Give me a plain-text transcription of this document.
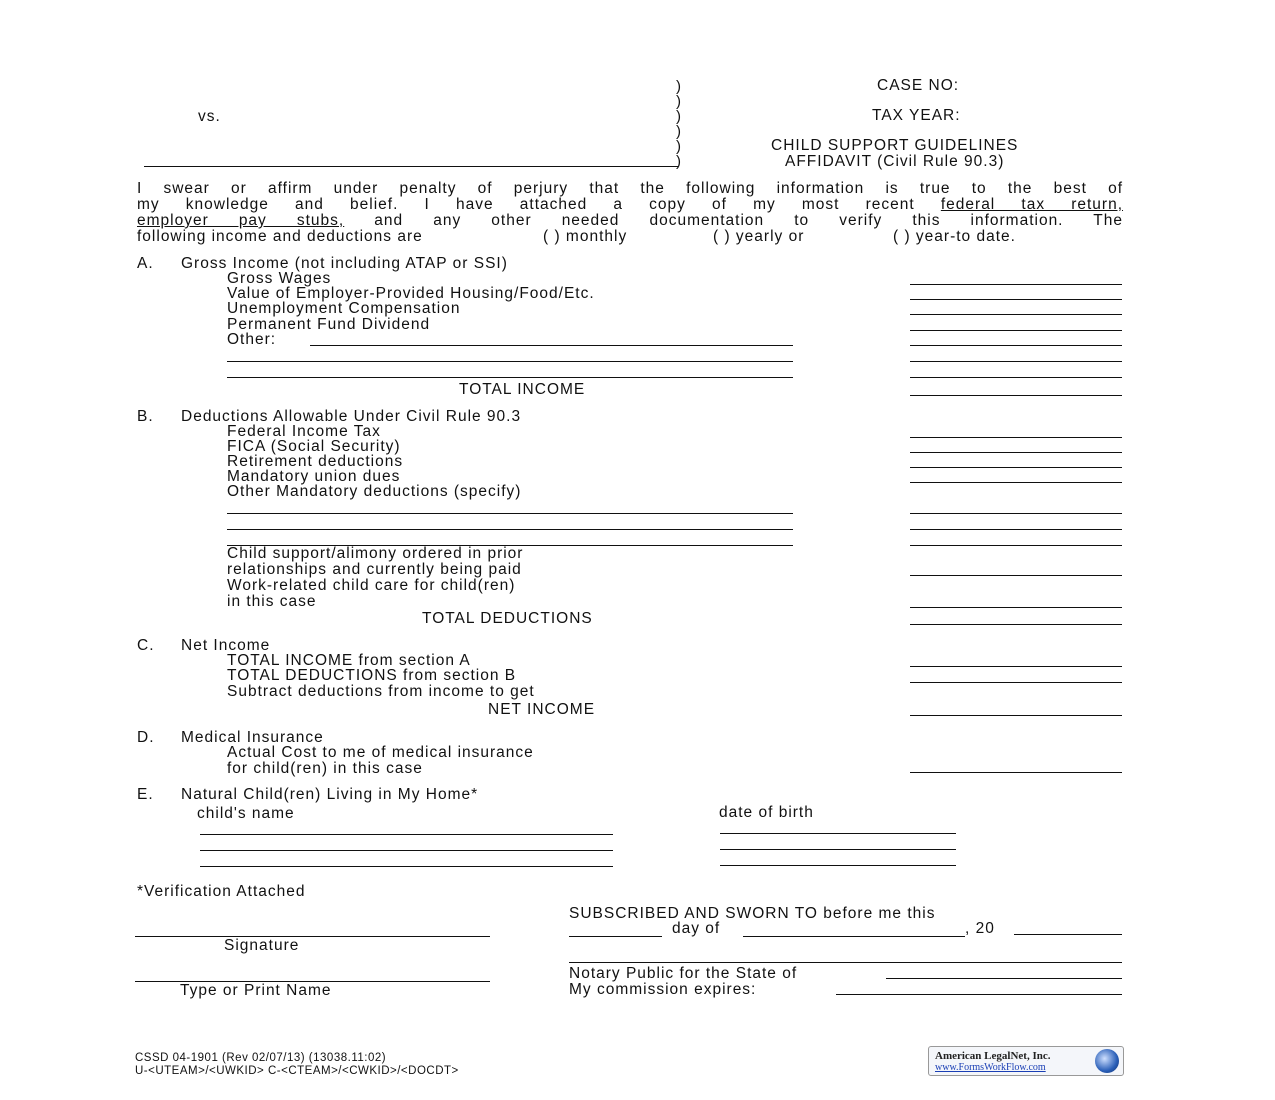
vs.
)
)
)
)
)
)
CASE NO:
TAX YEAR:
CHILD SUPPORT GUIDELINES
AFFIDAVIT (Civil Rule 90.3)
I swear or affirm under penalty of perjury that the following information is true to the best of
my knowledge and belief. I have attached a copy of my most recent federal tax return,
employer pay stubs, and any other needed documentation to verify this information. The
following income and deductions are	( ) monthly	( ) yearly or	( ) year-to date.
A. Gross Income (not including ATAP or SSI)
Gross Wages
Value of Employer-Provided Housing/Food/Etc.
Unemployment Compensation
Permanent Fund Dividend
Other:
TOTAL INCOME
B. Deductions Allowable Under Civil Rule 90.3
Federal Income Tax
FICA (Social Security)
Retirement deductions
Mandatory union dues
Other Mandatory deductions (specify)
Child support/alimony ordered in prior
relationships and currently being paid
Work-related child care for child(ren)
in this case
TOTAL DEDUCTIONS
C. Net Income
TOTAL INCOME from section A
TOTAL DEDUCTIONS from section B
Subtract deductions from income to get
NET INCOME
D. Medical Insurance
Actual Cost to me of medical insurance
for child(ren) in this case
E. Natural Child(ren) Living in My Home*
child's name	date of birth
*Verification Attached
Signature
Type or Print Name
SUBSCRIBED AND SWORN TO before me this
day of	, 20
Notary Public for the State of
My commission expires:
CSSD 04-1901 (Rev 02/07/13) (13038.11:02)
U-<UTEAM>/<UWKID> C-<CTEAM>/<CWKID>/<DOCDT>
American LegalNet, Inc.
www.FormsWorkFlow.com
